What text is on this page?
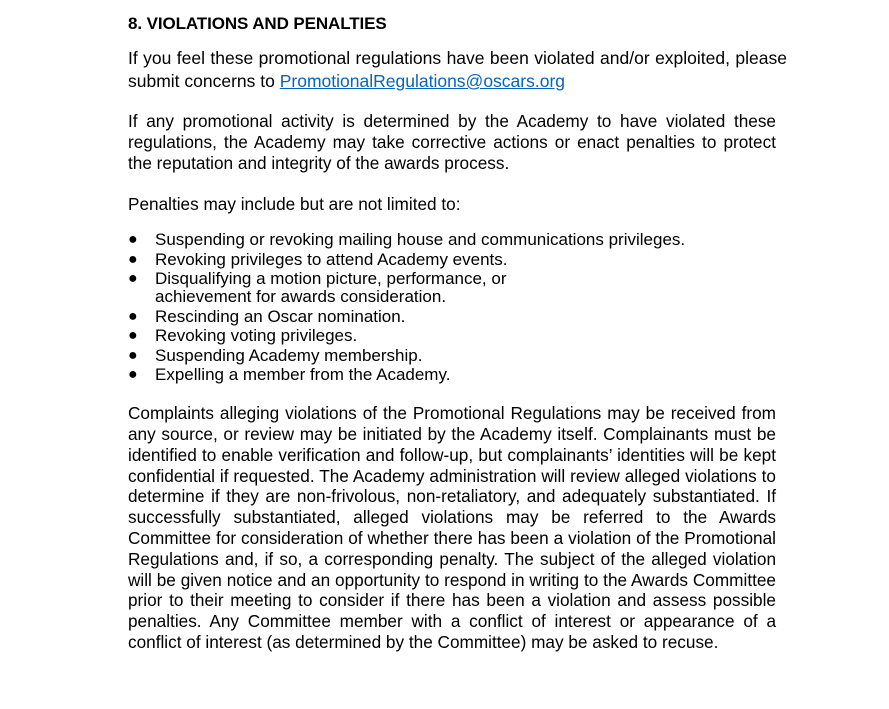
8. VIOLATIONS AND PENALTIES

If you feel these promotional regulations have been violated and/or exploited, please submit concerns to PromotionalRegulations@oscars.org

If any promotional activity is determined by the Academy to have violated these regulations, the Academy may take corrective actions or enact penalties to protect the reputation and integrity of the awards process.

Penalties may include but are not limited to:

● Suspending or revoking mailing house and communications privileges.
● Revoking privileges to attend Academy events.
● Disqualifying a motion picture, performance, or achievement for awards consideration.
● Rescinding an Oscar nomination.
● Revoking voting privileges.
● Suspending Academy membership.
● Expelling a member from the Academy.

Complaints alleging violations of the Promotional Regulations may be received from any source, or review may be initiated by the Academy itself. Complainants must be identified to enable verification and follow-up, but complainants’ identities will be kept confidential if requested. The Academy administration will review alleged violations to determine if they are non-frivolous, non-retaliatory, and adequately substantiated. If successfully substantiated, alleged violations may be referred to the Awards Committee for consideration of whether there has been a violation of the Promotional Regulations and, if so, a corresponding penalty. The subject of the alleged violation will be given notice and an opportunity to respond in writing to the Awards Committee prior to their meeting to consider if there has been a violation and assess possible penalties. Any Committee member with a conflict of interest or appearance of a conflict of interest (as determined by the Committee) may be asked to recuse.
